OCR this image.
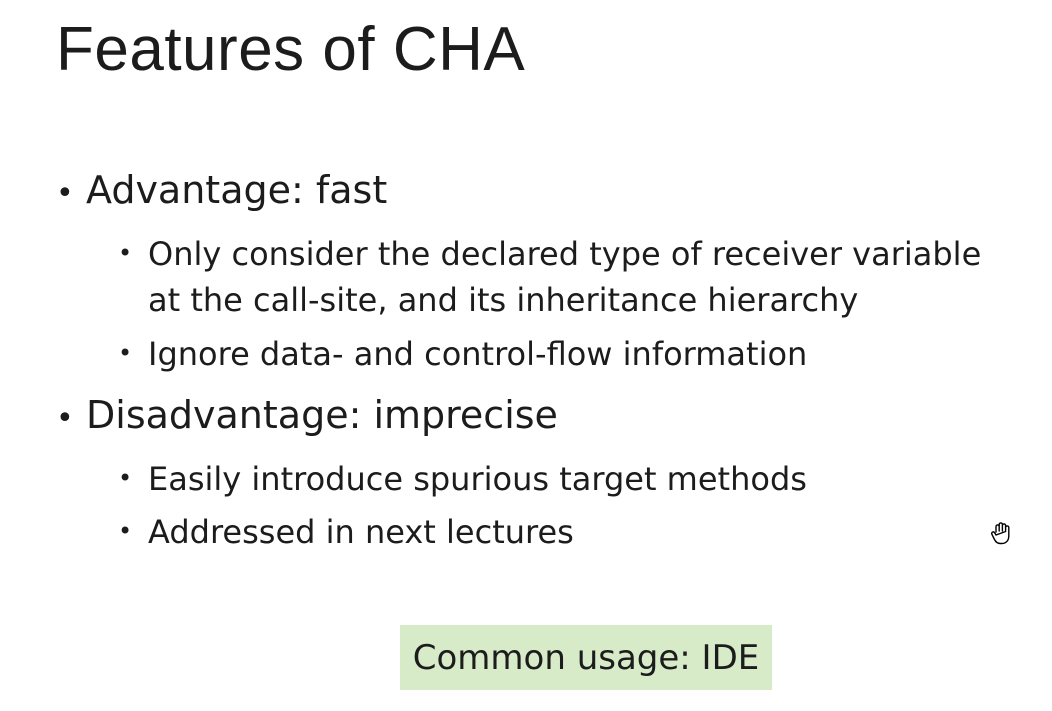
Features of CHA
• Advantage: fast
• Only consider the declared type of receiver variable
at the call-site, and its inheritance hierarchy
• Ignore data- and control-flow information
• Disadvantage: imprecise
• Easily introduce spurious target methods
• Addressed in next lectures
Common usage: IDE
